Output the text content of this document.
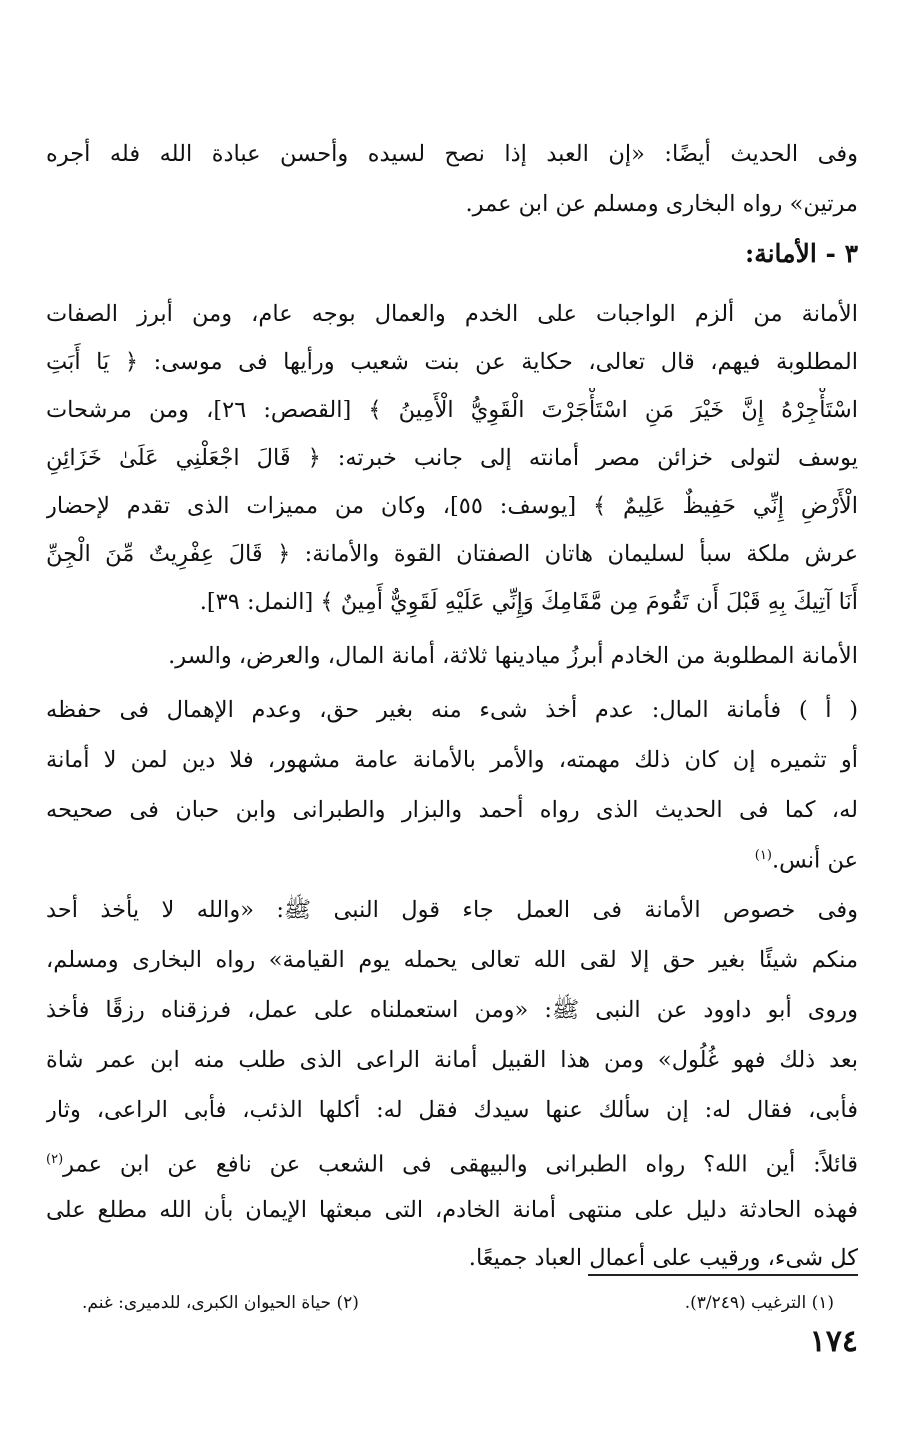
وفى الحديث أيضًا: «إن العبد إذا نصح لسيده وأحسن عبادة الله فله أجره
مرتين» رواه البخارى ومسلم عن ابن عمر.
٣ - الأمانة:
الأمانة من ألزم الواجبات على الخدم والعمال بوجه عام، ومن أبرز الصفات
المطلوبة فيهم، قال تعالى، حكاية عن بنت شعيب ورأيها فى موسى: ﴿ يَا أَبَتِ
اسْتَأْجِرْهُ إِنَّ خَيْرَ مَنِ اسْتَأْجَرْتَ الْقَوِيُّ الْأَمِينُ ﴾ [القصص: ٢٦]، ومن مرشحات
يوسف لتولى خزائن مصر أمانته إلى جانب خبرته: ﴿ قَالَ اجْعَلْنِي عَلَىٰ خَزَائِنِ
الْأَرْضِ إِنِّي حَفِيظٌ عَلِيمٌ ﴾ [يوسف: ٥٥]، وكان من مميزات الذى تقدم لإحضار
عرش ملكة سبأ لسليمان هاتان الصفتان القوة والأمانة: ﴿ قَالَ عِفْرِيتٌ مِّنَ الْجِنِّ
أَنَا آتِيكَ بِهِ قَبْلَ أَن تَقُومَ مِن مَّقَامِكَ وَإِنِّي عَلَيْهِ لَقَوِيٌّ أَمِينٌ ﴾ [النمل: ٣٩].
الأمانة المطلوبة من الخادم أبرزُ ميادينها ثلاثة، أمانة المال، والعرض، والسر.
( أ ) فأمانة المال: عدم أخذ شىء منه بغير حق، وعدم الإهمال فى حفظه
أو تثميره إن كان ذلك مهمته، والأمر بالأمانة عامة مشهور، فلا دين لمن لا أمانة
له، كما فى الحديث الذى رواه أحمد والبزار والطبرانى وابن حبان فى صحيحه
عن أنس.$^{(١)}$
وفى خصوص الأمانة فى العمل جاء قول النبى ﷺ: «والله لا يأخذ أحد
منكم شيئًا بغير حق إلا لقى الله تعالى يحمله يوم القيامة» رواه البخارى ومسلم،
وروى أبو داوود عن النبى ﷺ: «ومن استعملناه على عمل، فرزقناه رزقًا فأخذ
بعد ذلك فهو غُلُول» ومن هذا القبيل أمانة الراعى الذى طلب منه ابن عمر شاة
فأبى، فقال له: إن سألك عنها سيدك فقل له: أكلها الذئب، فأبى الراعى، وثار
قائلاً: أين الله؟ رواه الطبرانى والبيهقى فى الشعب عن نافع عن ابن عمر$^{(٢)}$
فهذه الحادثة دليل على منتهى أمانة الخادم، التى مبعثها الإيمان بأن الله مطلع على
كل شىء، ورقيب على أعمال العباد جميعًا.
(١) الترغيب (٣/٢٤٩).
(٢) حياة الحيوان الكبرى، للدميرى: غنم.
١٧٤
